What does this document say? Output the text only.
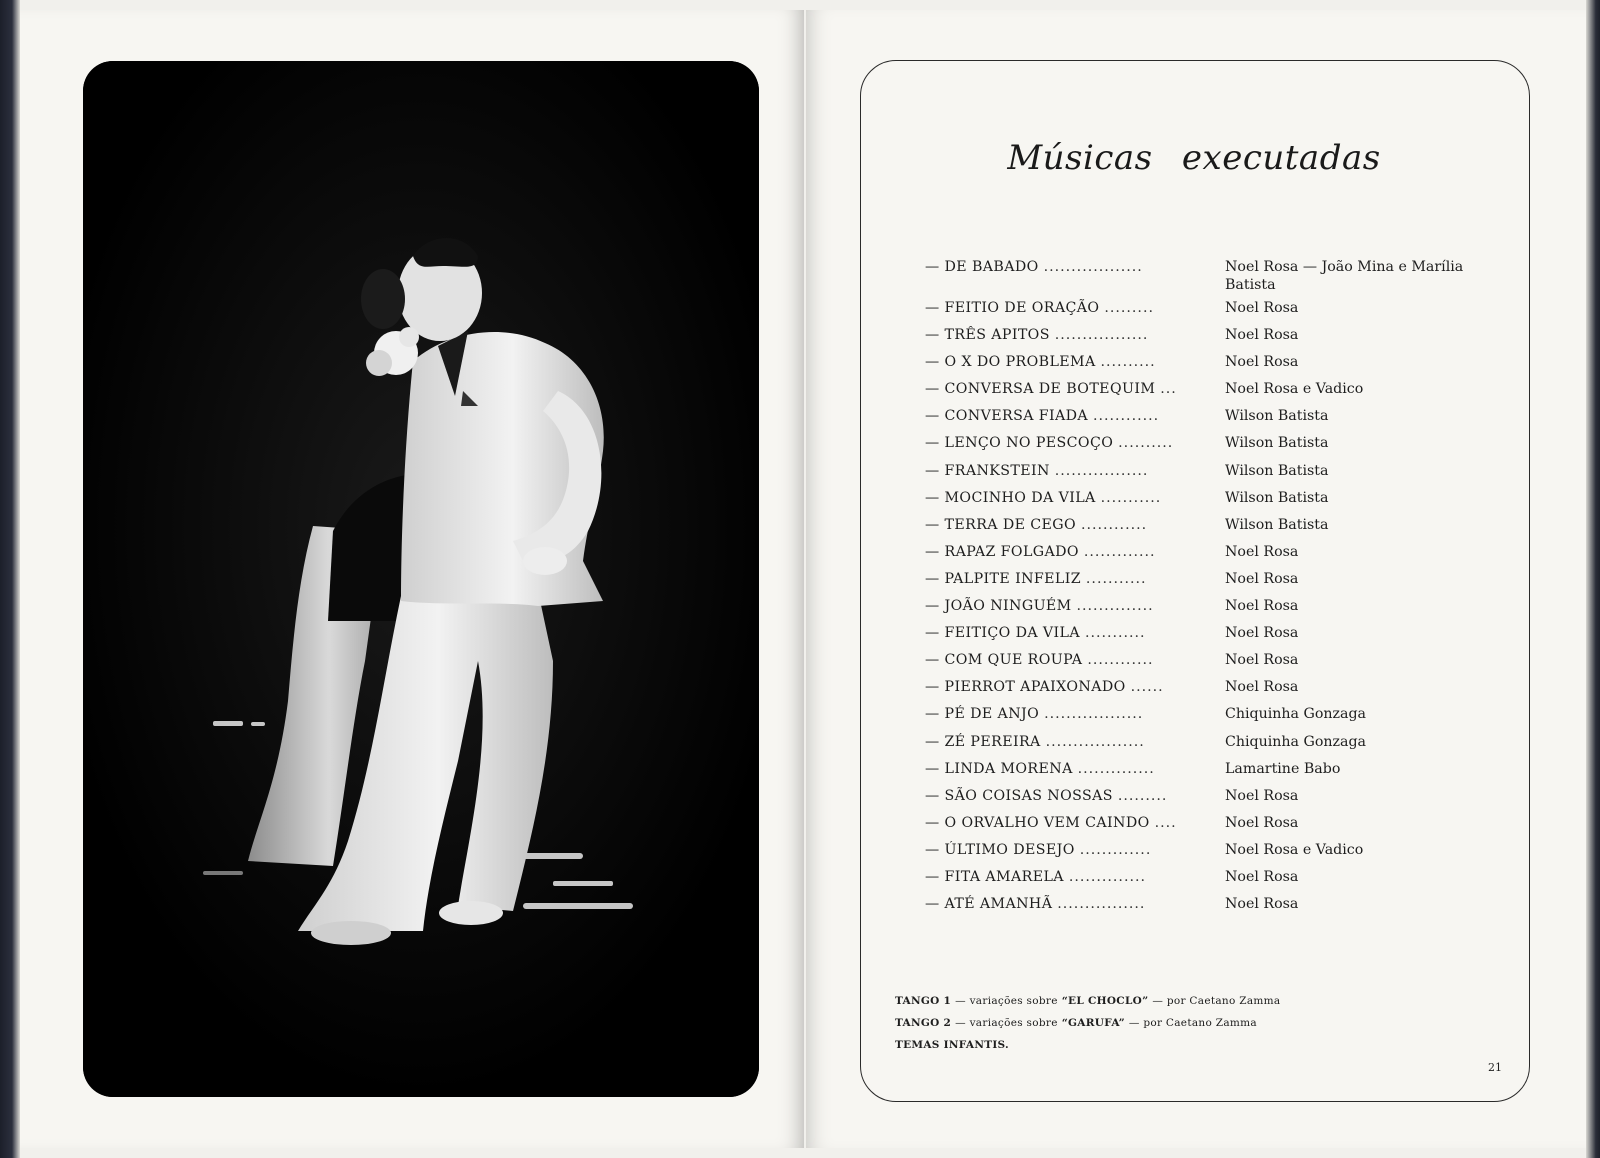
Músicas executadas
— DE BABADO ..................	Noel Rosa — João Mina e Marília Batista
— FEITIO DE ORAÇÃO .........	Noel Rosa
— TRÊS APITOS .................	Noel Rosa
— O X DO PROBLEMA ..........	Noel Rosa
— CONVERSA DE BOTEQUIM ...	Noel Rosa e Vadico
— CONVERSA FIADA ............	Wilson Batista
— LENÇO NO PESCOÇO ..........	Wilson Batista
— FRANKSTEIN .................	Wilson Batista
— MOCINHO DA VILA ...........	Wilson Batista
— TERRA DE CEGO ............	Wilson Batista
— RAPAZ FOLGADO .............	Noel Rosa
— PALPITE INFELIZ ...........	Noel Rosa
— JOÃO NINGUÉM ..............	Noel Rosa
— FEITIÇO DA VILA ...........	Noel Rosa
— COM QUE ROUPA ............	Noel Rosa
— PIERROT APAIXONADO ......	Noel Rosa
— PÉ DE ANJO ..................	Chiquinha Gonzaga
— ZÉ PEREIRA ..................	Chiquinha Gonzaga
— LINDA MORENA ..............	Lamartine Babo
— SÃO COISAS NOSSAS .........	Noel Rosa
— O ORVALHO VEM CAINDO ....	Noel Rosa
— ÚLTIMO DESEJO .............	Noel Rosa e Vadico
— FITA AMARELA ..............	Noel Rosa
— ATÉ AMANHÃ ................	Noel Rosa
TANGO 1 — variações sobre “EL CHOCLO” — por Caetano Zamma
TANGO 2 — variações sobre “GARUFA” — por Caetano Zamma
TEMAS INFANTIS.
21
